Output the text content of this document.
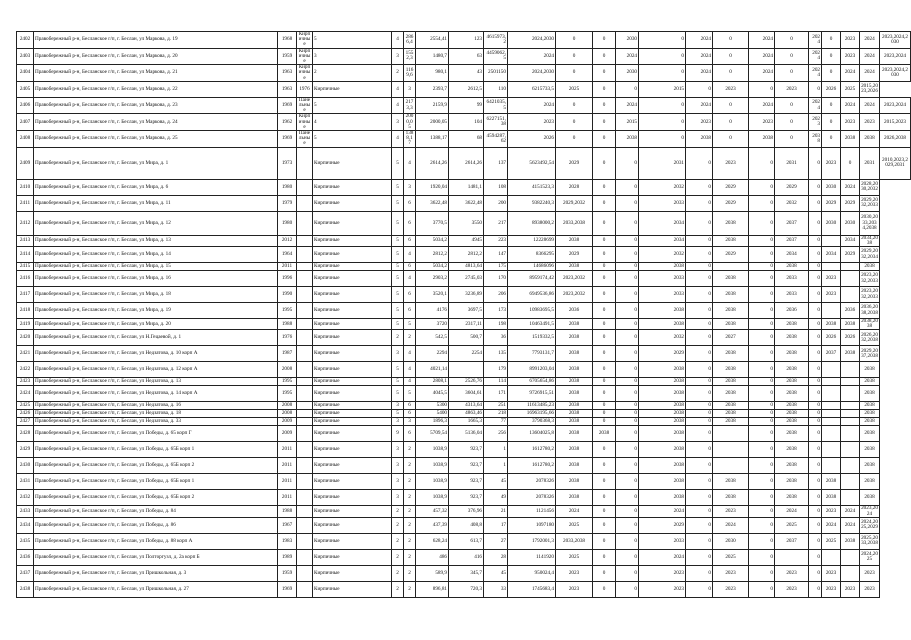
2402	Правобережный р-н, Бесланское г/п, г. Беслан, ул Маркова, д. 19	1968	Кирпичные	5	4	2866,4	2554,41	123	4615973,2	2024,2030	0	0	2030	0	2024	0	2024	0	2024	0	2023	2024	2023,2024,2030
2403	Правобережный р-н, Бесланское г/п, г. Беслан, ул Маркова, д. 20	1959	Кирпичные	3	3	1552,3	1480,7	63	4459062,5	2024	0	0	2024	0	2024	0	2024	0	2024	0	2023	2024	2023,2024
2404	Правобережный р-н, Бесланское г/п, г. Беслан, ул Маркова, д. 21	1963	Кирпичные	2	2	1169,6	980,1	43	2501150	2024,2030	0	0	2030	0	2024	0	2024	0	2024	0	2024	2024	2023,2024,2030
2405	Правобережный р-н, Бесланское г/п, г. Беслан, ул Маркова, д. 22	1963	1976	Кирпичные	4	3	2393,7	2612,5	110	6215733,5	2025	0	0	2015	0	2023	0	2023	0	2026	2025	2015,2023,2026	
2406	Правобережный р-н, Бесланское г/п, г. Беслан, ул Маркова, д. 23	1969	Панельные	5	4	2173,3	2159,9	99	6421035,5	2024	0	0	2024	0	2024	0	2024	0	2024	0	2024	2024	2023,2024
2407	Правобережный р-н, Бесланское г/п, г. Беслан, ул Маркова, д. 24	1962	Кирпичные	4	3	2000,05	2000,05	104	6227151,38	2023	0	0	2015	0	2023	0	2023	0	2023	0	2023	2023	2015,2023
2408	Правобережный р-н, Бесланское г/п, г. Беслан, ул Маркова, д. 25	1969	Панельные	5	4	1388,17	1388,17	68	4594287,62	2026	0	0	2038	0	2038	0	2038	0	2038	0	2038	2038	2026,2038
2409	Правобережный р-н, Бесланское г/п, г. Беслан, ул Мира, д. 1	1973		Кирпичные	5	4	2614,26	2614,26	137	5623492,54	2029	0	0	2031	0	2023	0	2031	0	2023	0	2031	2010,2023,2029,2031
2410	Правобережный р-н, Бесланское г/п, г. Беслан, ул Мира, д. 6	1980		Кирпичные	5	3	1920,04	1481,1	108	4151523,3	2028	0	0	2032	0	2029	0	2029	0	2030	2024	2028,2030,2032	
2411	Правобережный р-н, Бесланское г/п, г. Беслан, ул Мира, д. 11	1979		Кирпичные	5	6	3622,48	3622,48	200	9382240,3	2029,2032	0	0	2033	0	2029	0	2032	0	2029	2029	2029,2032,2033	
2412	Правобережный р-н, Бесланское г/п, г. Беслан, ул Мира, д. 12	1980		Кирпичные	5	6	3770,5	3550	217	8938000,2	2033,2038	0	0	2034	0	2038	0	2037	0	2030	2030	2030,2033,2034,2038	
2413	Правобережный р-н, Бесланское г/п, г. Беслан, ул Мира, д. 13	2012		Кирпичные	5	6	5034,2	4945	223	12228699	2038	0	0	2034	0	2038	0	2037	0		2034	2034,2038	
2414	Правобережный р-н, Бесланское г/п, г. Беслан, ул Мира, д. 14	1964		Кирпичные	5	4	2812,2	2812,2	147	8366295	2029	0	0	2032	0	2029	0	2034	0	2034	2029	2029,2032,2034	
2415	Правобережный р-н, Бесланское г/п, г. Беслан, ул Мира, д. 15	2011		Кирпичные	5	6	5034,2	4813,64	175	14686096	2038	0	0	2038	0		0	2038	0			2038	
2416	Правобережный р-н, Бесланское г/п, г. Беслан, ул Мира, д. 16	1996		Кирпичные	5	4	2903,2	2745,03	170	8959174,42	2023,2032	0	0	2033	0	2038	0	2033	0	2023		2023,2032,2033	
2417	Правобережный р-н, Бесланское г/п, г. Беслан, ул Мира, д. 18	1990		Кирпичные	5	6	3520,1	3236,89	206	6949536,86	2023,2032	0	0	2033	0	2038	0	2033	0	2023		2023,2032,2033	
2418	Правобережный р-н, Бесланское г/п, г. Беслан, ул Мира, д. 19	1995		Кирпичные	5	6	4176	3697,5	173	10983695,5	2036	0	0	2038	0	2038	0	2036	0		2036	2036,2038,2038	
2419	Правобережный р-н, Бесланское г/п, г. Беслан, ул Мира, д. 20	1988		Кирпичные	5	5	3720	2317,11	198	10463491,5	2038	0	0	2038	0	2038	0	2038	0	2038	2038	2038,2038	
2420	Правобережный р-н, Бесланское г/п, г. Беслан, ул Н.Гецаевой, д. 1	1976		Кирпичные	2	2	542,5	500,7	36	1519332,5	2038	0	0	2032	0	2027	0	2038	0	2026	2026	2026,2032,2038	
2421	Правобережный р-н, Бесланское г/п, г. Беслан, ул Недзатова, д. 10 корп А	1987		Кирпичные	3	4	2294	2254	135	7793131,7	2038	0	0	2029	0	2038	0	2038	0	2037	2038	2029,2037,2038	
2422	Правобережный р-н, Бесланское г/п, г. Беслан, ул Недзатова, д. 12 корп А	2008		Кирпичные	5	4	4021,14		179	8991203,04	2038	0	0	2038	0	2038	0	2038	0			2038	
2423	Правобережный р-н, Бесланское г/п, г. Беслан, ул Недзатова, д. 13	1995		Кирпичные	5	4	2808,1	2526,76	114	6705654,86	2038	0	0	2038	0	2038	0	2038	0			2038	
2424	Правобережный р-н, Бесланское г/п, г. Беслан, ул Недзатова, д. 14 корп А	1995		Кирпичные	5	5	4045,5	3604,61	171	9726915,51	2038	0	0	2038	0	2038	0	2038	0			2038	
2425	Правобережный р-н, Бесланское г/п, г. Беслан, ул Недзатова, д. 16	2008		Кирпичные	3	6	5300	4313,64	251	11613485,23	2038	0	0	2038	0	2038	0	2038	0			2038	
2426	Правобережный р-н, Бесланское г/п, г. Беслан, ул Недзатова, д. 18	2008		Кирпичные	5	6	5400	4863,46	218	16963195,66	2038	0	0	2038	0	2038	0	2038	0			2038	
2427	Правобережный р-н, Бесланское г/п, г. Беслан, ул Недзатова, д. 33	2009		Кирпичные	3	3	1896,3	1665,3	77	3790368,3	2038	0	0	2038	0	2038	0	2038	0			2038	
2428	Правобережный р-н, Бесланское г/п, г. Беслан, ул Победы, д. 65 корп Г	2009		Кирпичные	9	6	5709,54	5136,04	256	13604025,8	2038	2038	0	2038	0		0	2038	0			2038	
2429	Правобережный р-н, Бесланское г/п, г. Беслан, ул Победы, д. 65Б корп 1	2011		Кирпичные	3	2	1038,9	923,7	1	1612780,2	2038	0	0	2038	0		0	2038	0			2038	
2430	Правобережный р-н, Бесланское г/п, г. Беслан, ул Победы, д. 65Б корп 2	2011		Кирпичные	3	2	1038,9	923,7	1	1612780,2	2038	0	0	2038	0		0	2038	0			2038	
2431	Правобережный р-н, Бесланское г/п, г. Беслан, ул Победы, д. 65Б корп 1	2011		Кирпичные	3	2	1038,9	923,7	45	2078326	2038	0	0	2038	0	2038	0	2038	0	2038		2038	
2432	Правобережный р-н, Бесланское г/п, г. Беслан, ул Победы, д. 65Б корп 2	2011		Кирпичные	3	2	1038,9	923,7	49	2078326	2038	0	0	2038	0	2038	0	2038	0	2038		2038	
2433	Правобережный р-н, Бесланское г/п, г. Беслан, ул Победы, д. 84	1988		Кирпичные	2	2	457,32	376,96	21	1121456	2024	0	0	2024	0	2023	0	2024	0	2023	2024	2023,2024	
2434	Правобережный р-н, Бесланское г/п, г. Беслан, ул Победы, д. 86	1967		Кирпичные	2	2	437,39	408,8	17	1097180	2025	0	0	2029	0	2024	0	2025	0	2024	2024	2024,2025,2029	
2435	Правобережный р-н, Бесланское г/п, г. Беслан, ул Победы, д. 88 корп А	1983		Кирпичные	2	2	628,24	613,7	27	1792001,3	2033,2038	0	0	2033	0	2030	0	2037	0	2025	2038	2025,2033,2038	
2436	Правобережный р-н, Бесланское г/п, г. Беслан, ул Полторгузл, д. 2а корп Б	1989		Кирпичные	2	2	486	416	28	1141920	2025	0	0	2024	0	2025	0		0			2024,2025	
2437	Правобережный р-н, Бесланское г/п, г. Беслан, ул Пришкольная, д. 3	1959		Кирпичные	2	2	589,9	345,7	45	950024,4	2023	0	0	2023	0	2023	0	2023	0	2023		2023	
2438	Правобережный р-н, Бесланское г/п, г. Беслан, ул Пришкольная, д. 27	1969		Кирпичные	2	2	896,81	720,3	33	1745683,4	2023	0	0	2023	0	2023	0	2023	0	2023	2023	2023	
